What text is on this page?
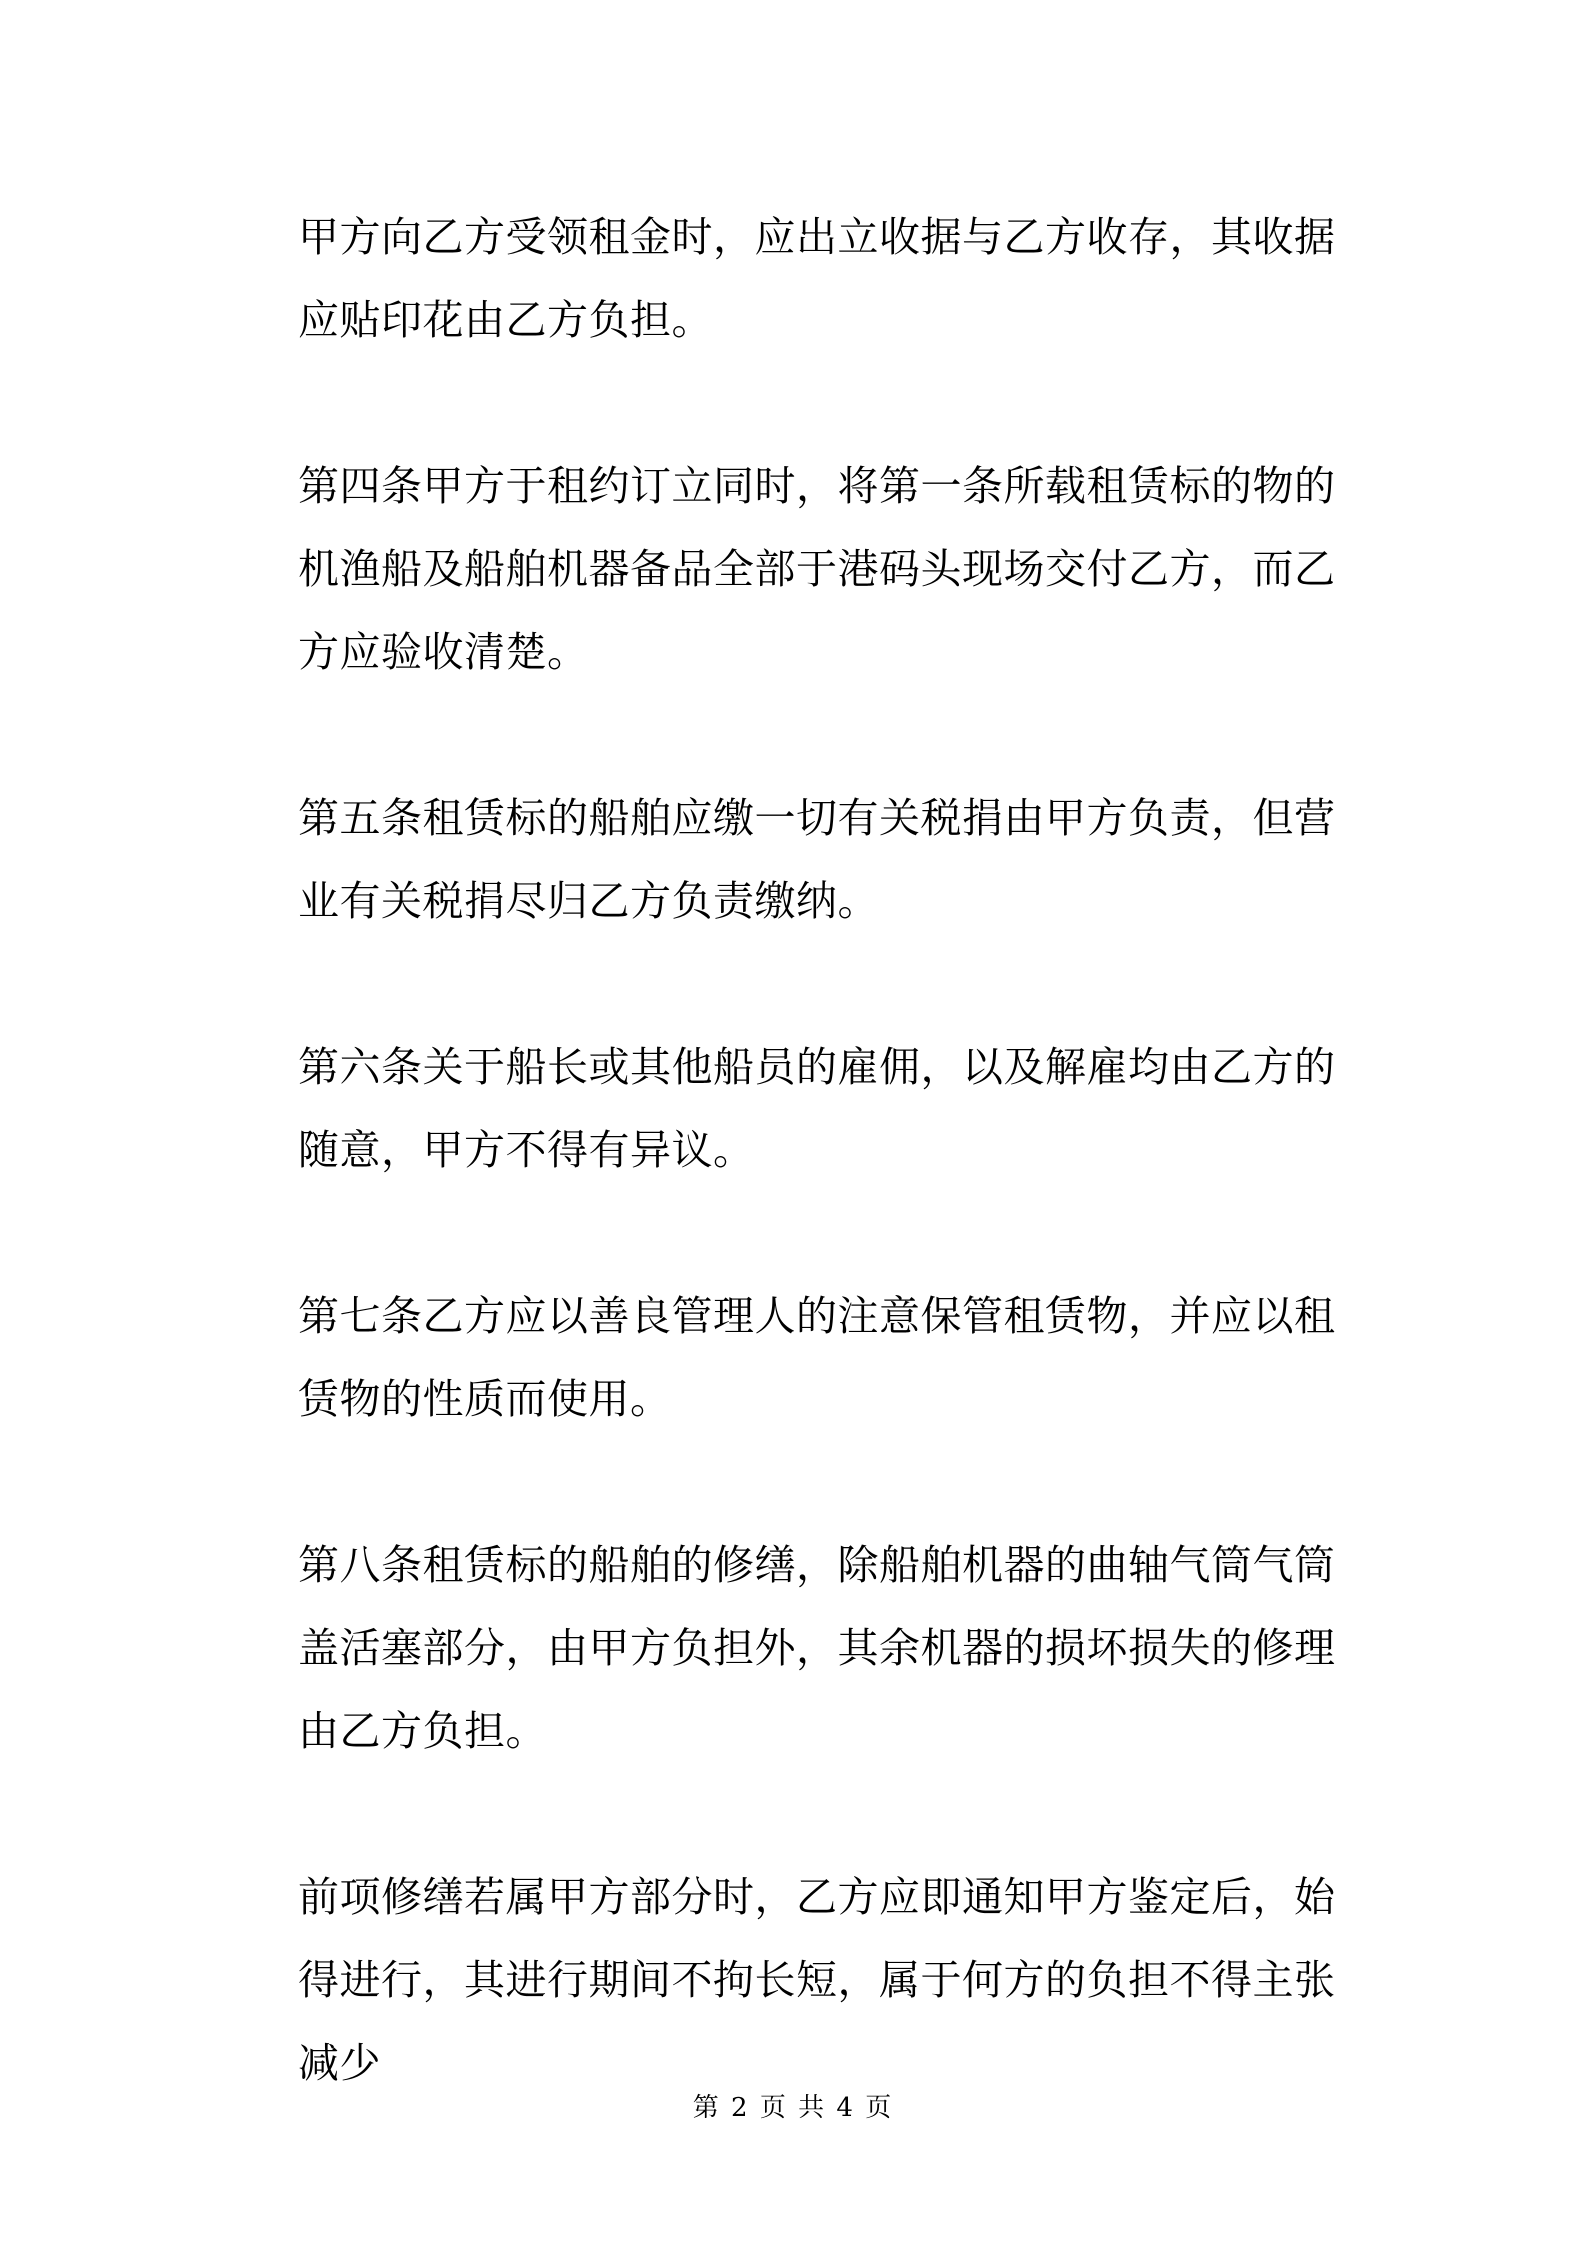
甲方向乙方受领租金时，应出立收据与乙方收存，其收据应贴印花由乙方负担。

第四条甲方于租约订立同时，将第一条所载租赁标的物的机渔船及船舶机器备品全部于港码头现场交付乙方，而乙方应验收清楚。

第五条租赁标的船舶应缴一切有关税捐由甲方负责，但营业有关税捐尽归乙方负责缴纳。

第六条关于船长或其他船员的雇佣，以及解雇均由乙方的随意，甲方不得有异议。

第七条乙方应以善良管理人的注意保管租赁物，并应以租赁物的性质而使用。

第八条租赁标的船舶的修缮，除船舶机器的曲轴气筒气筒盖活塞部分，由甲方负担外，其余机器的损坏损失的修理由乙方负担。

前项修缮若属甲方部分时，乙方应即通知甲方鉴定后，始得进行，其进行期间不拘长短，属于何方的负担不得主张减少

第 2 页 共 4 页
